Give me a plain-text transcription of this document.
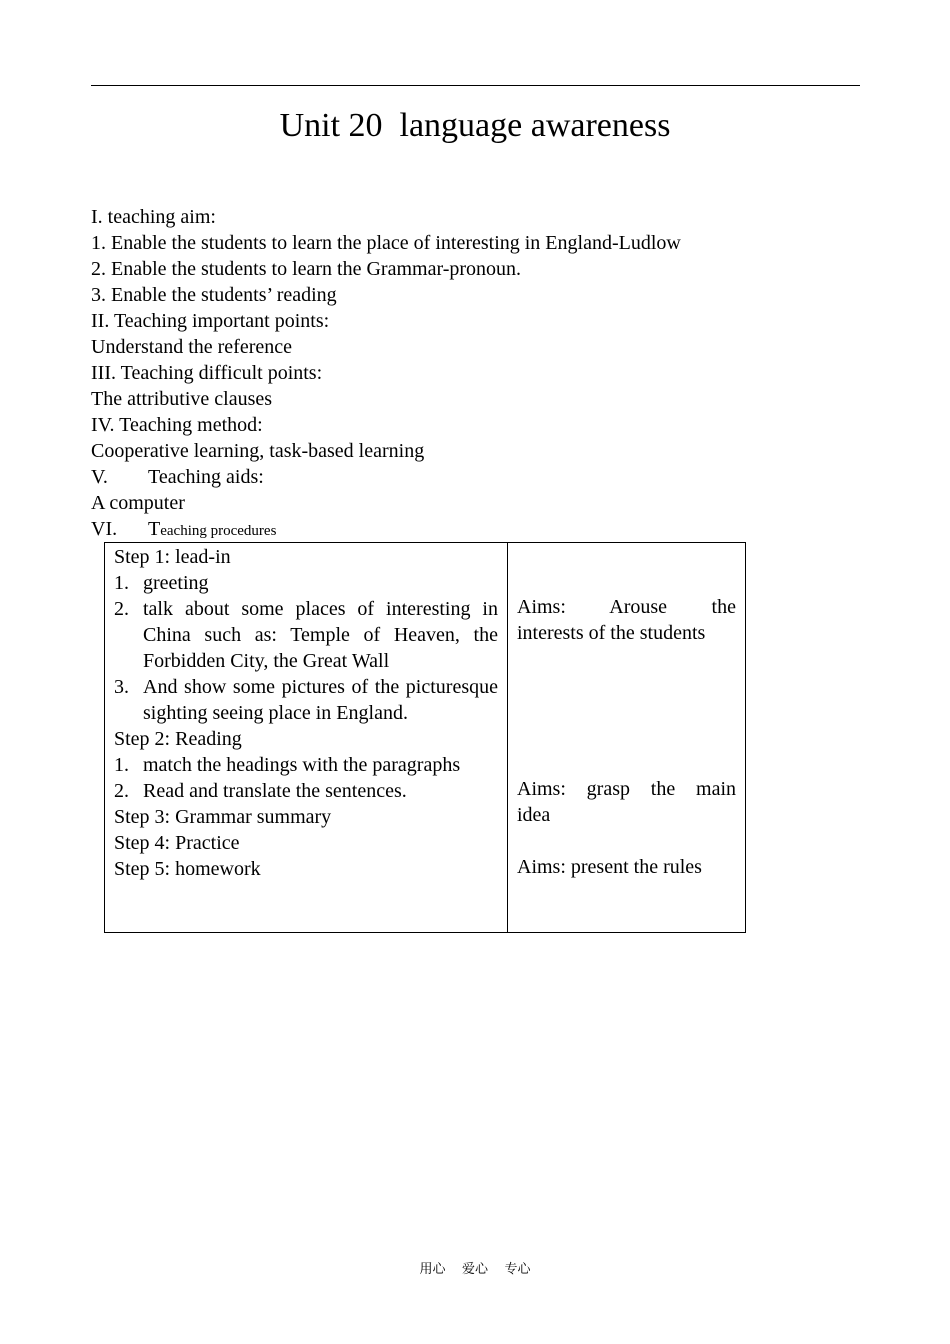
Unit 20  language awareness
I. teaching aim:
1. Enable the students to learn the place of interesting in England-Ludlow
2. Enable the students to learn the Grammar-pronoun.
3. Enable the students’ reading
II. Teaching important points:
Understand the reference
III. Teaching difficult points:
The attributive clauses
IV. Teaching method:
Cooperative learning, task-based learning
V. Teaching aids:
A computer
VI. Teaching procedures
Step 1: lead-in
1. greeting
2. talk about some places of interesting in China such as: Temple of Heaven, the Forbidden City, the Great Wall
3. And show some pictures of the picturesque sighting seeing place in England.
Step 2: Reading
1. match the headings with the paragraphs
2. Read and translate the sentences.
Step 3: Grammar summary
Step 4: Practice
Step 5: homework
Aims: Arouse the
interests of the students
Aims: grasp the main
idea
Aims: present the rules
用心    爱心    专心
